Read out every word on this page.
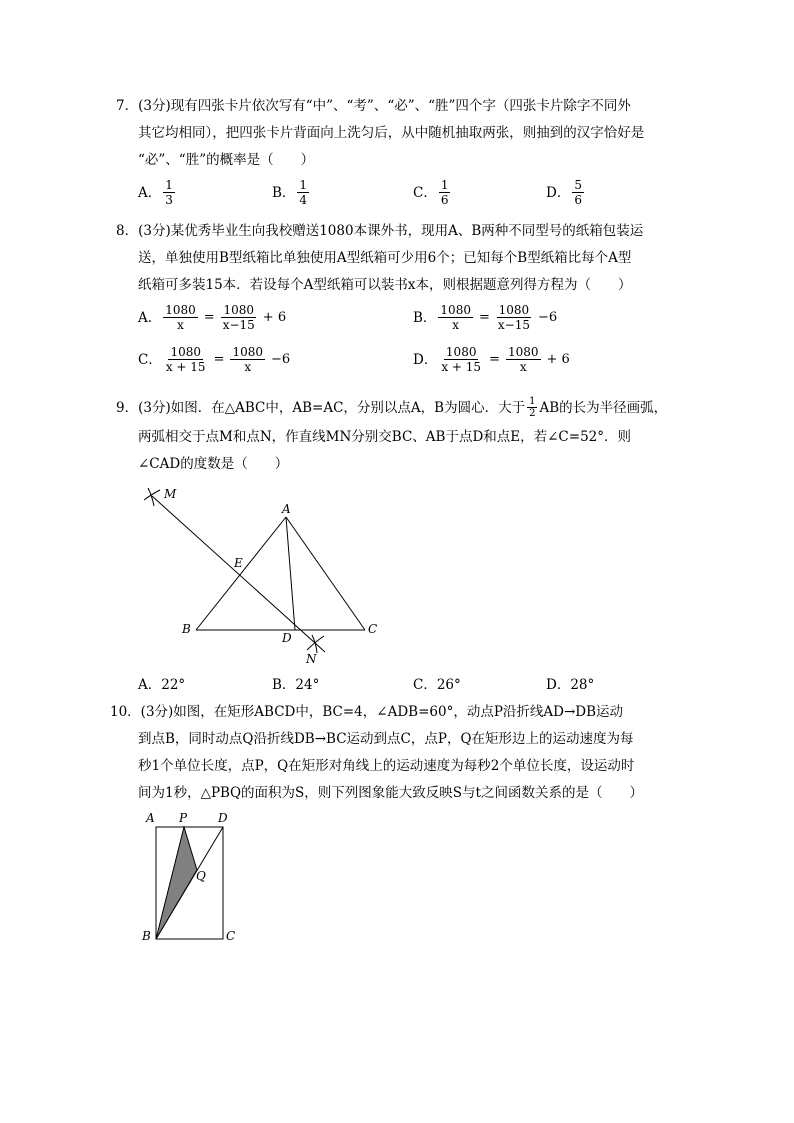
7．(3分)现有四张卡片依次写有“中”、“考”、“必”、“胜”四个字（四张卡片除字不同外
其它均相同），把四张卡片背面向上洗匀后，从中随机抽取两张，则抽到的汉字恰好是
“必”、“胜”的概率是（　　）
A． $\frac{1}{3}$	B． $\frac{1}{4}$	C． $\frac{1}{6}$	D． $\frac{5}{6}$
8．(3分)某优秀毕业生向我校赠送1080本课外书，现用A、B两种不同型号的纸箱包装运
送，单独使用B型纸箱比单独使用A型纸箱可少用6个；已知每个B型纸箱比每个A型
纸箱可多装15本．若设每个A型纸箱可以装书x本，则根据题意列得方程为（　　）
A． $\frac{1080}{x} = \frac{1080}{x-15} + 6$	B． $\frac{1080}{x} = \frac{1080}{x-15} -6$
C． $\frac{1080}{x + 15} = \frac{1080}{x} -6$	D． $\frac{1080}{x + 15} = \frac{1080}{x} + 6$
9．(3分)如图．在△ABC中，AB=AC，分别以点A，B为圆心．大于 $\frac{1}{2}$ AB的长为半径画弧，
两弧相交于点M和点N，作直线MN分别交BC、AB于点D和点E，若∠C=52°．则
∠CAD的度数是（　　）
M
A
E
B
D
C
N
A．22°	B．24°	C．26°	D．28°
10．(3分)如图，在矩形ABCD中，BC=4，∠ADB=60°，动点P沿折线AD→DB运动
到点B，同时动点Q沿折线DB→BC运动到点C，点P，Q在矩形边上的运动速度为每
秒1个单位长度，点P，Q在矩形对角线上的运动速度为每秒2个单位长度，设运动时
间为1秒，△PBQ的面积为S，则下列图象能大致反映S与t之间函数关系的是（　　）
A P	D
Q
B	C
